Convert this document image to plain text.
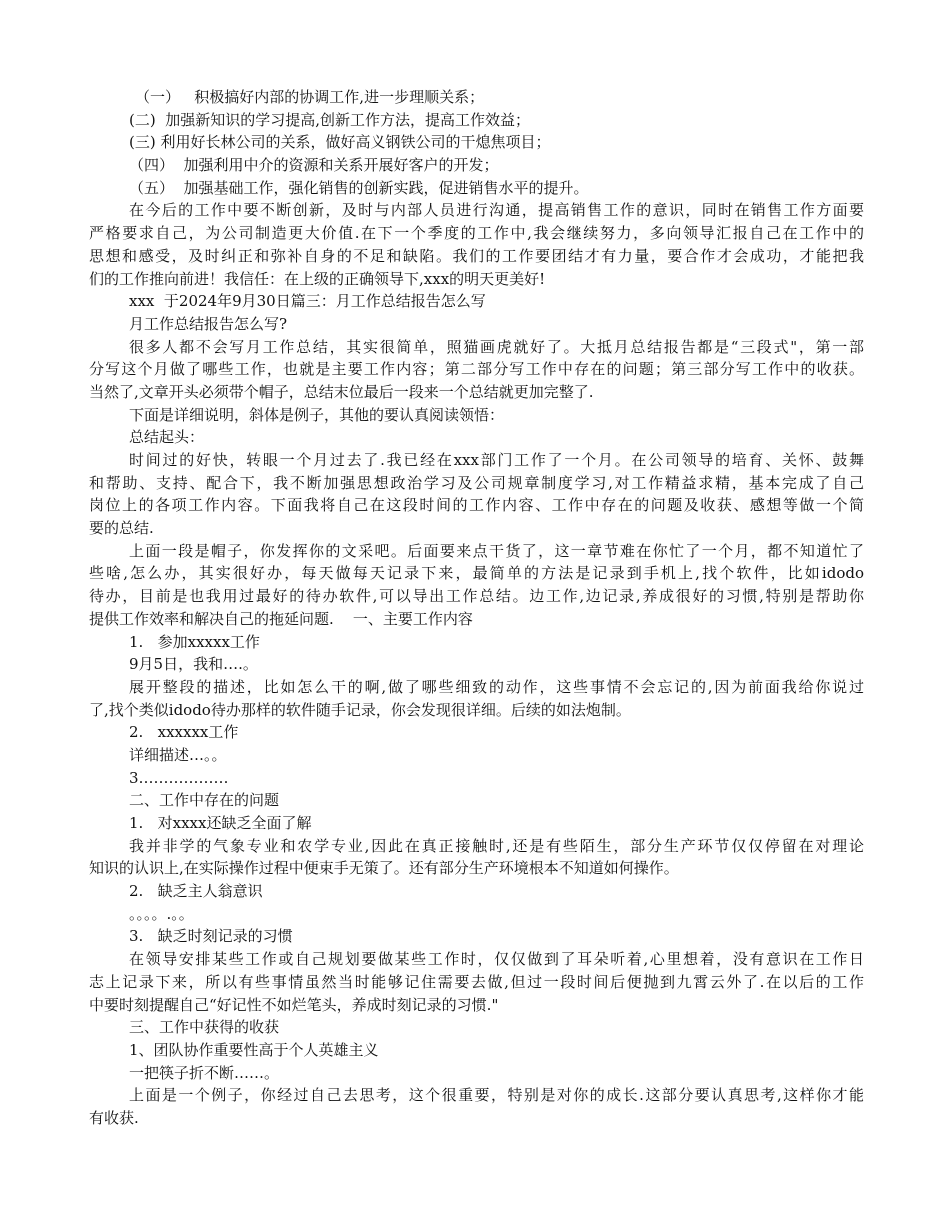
（一）   积极搞好内部的协调工作,进一步理顺关系；

(二)  加强新知识的学习提高,创新工作方法，提高工作效益；

(三) 利用好长林公司的关系，做好高义钢铁公司的干熄焦项目；

（四）  加强利用中介的资源和关系开展好客户的开发；

（五）  加强基础工作，强化销售的创新实践，促进销售水平的提升。

在今后的工作中要不断创新，及时与内部人员进行沟通，提高销售工作的意识，同时在销售工作方面要

严格要求自己，为公司制造更大价值.在下一个季度的工作中,我会继续努力，多向领导汇报自己在工作中的

思想和感受，及时纠正和弥补自身的不足和缺陷。我们的工作要团结才有力量，要合作才会成功，才能把我

们的工作推向前进！我信任：在上级的正确领导下,xxx的明天更美好!

xxx  于2024年9月30日篇三：月工作总结报告怎么写

月工作总结报告怎么写?

很多人都不会写月工作总结，其实很简单，照猫画虎就好了。大抵月总结报告都是“三段式"，第一部

分写这个月做了哪些工作，也就是主要工作内容；第二部分写工作中存在的问题；第三部分写工作中的收获。

当然了,文章开头必须带个帽子，总结末位最后一段来一个总结就更加完整了.

下面是详细说明，斜体是例子，其他的要认真阅读领悟：

总结起头：

时间过的好快，转眼一个月过去了.我已经在xxx部门工作了一个月。在公司领导的培育、关怀、鼓舞

和帮助、支持、配合下，我不断加强思想政治学习及公司规章制度学习,对工作精益求精，基本完成了自己

岗位上的各项工作内容。下面我将自己在这段时间的工作内容、工作中存在的问题及收获、感想等做一个简

要的总结.

上面一段是帽子，你发挥你的文采吧。后面要来点干货了，这一章节难在你忙了一个月，都不知道忙了

些啥,怎么办，其实很好办，每天做每天记录下来，最简单的方法是记录到手机上,找个软件，比如idodo

待办，目前是也我用过最好的待办软件,可以导出工作总结。边工作,边记录,养成很好的习惯,特别是帮助你

提供工作效率和解决自己的拖延问题.    一、主要工作内容

1.   参加xxxxx工作

9月5日，我和….。

展开整段的描述，比如怎么干的啊,做了哪些细致的动作，这些事情不会忘记的,因为前面我给你说过

了,找个类似idodo待办那样的软件随手记录，你会发现很详细。后续的如法炮制。

2.   xxxxxx工作

详细描述…。。

3………………

二、工作中存在的问题

1.   对xxxx还缺乏全面了解

我并非学的气象专业和农学专业,因此在真正接触时,还是有些陌生，部分生产环节仅仅停留在对理论

知识的认识上,在实际操作过程中便束手无策了。还有部分生产环境根本不知道如何操作。

2.   缺乏主人翁意识

。。。。.。。

3.   缺乏时刻记录的习惯

在领导安排某些工作或自己规划要做某些工作时，仅仅做到了耳朵听着,心里想着，没有意识在工作日

志上记录下来，所以有些事情虽然当时能够记住需要去做,但过一段时间后便抛到九霄云外了.在以后的工作

中要时刻提醒自己“好记性不如烂笔头，养成时刻记录的习惯."

三、工作中获得的收获

1、团队协作重要性高于个人英雄主义

一把筷子折不断……。

上面是一个例子，你经过自己去思考，这个很重要，特别是对你的成长.这部分要认真思考,这样你才能

有收获.
